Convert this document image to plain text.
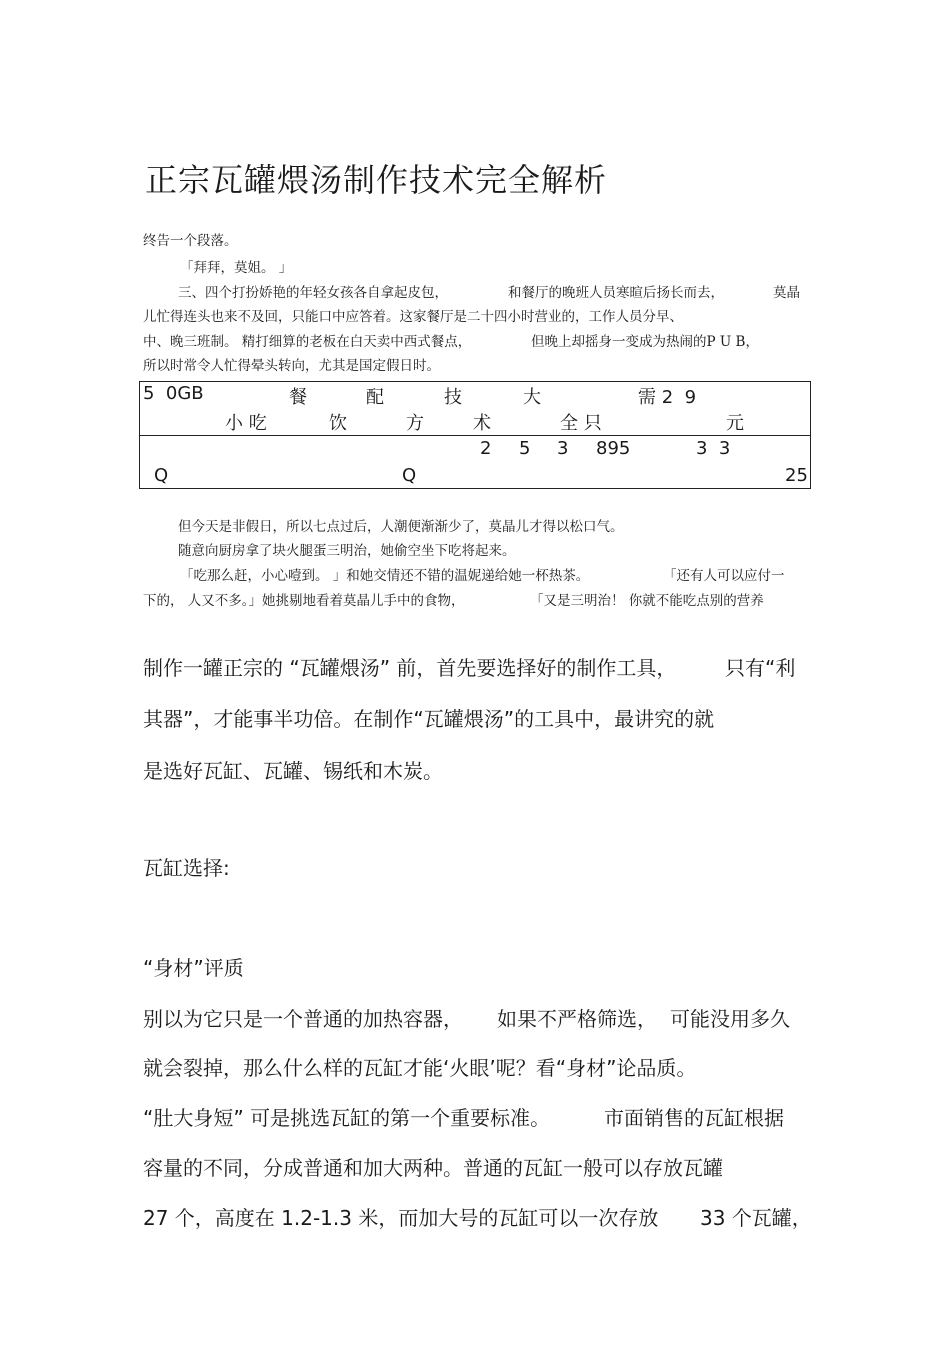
正宗瓦罐煨汤制作技术完全解析
终告一个段落。
「拜拜，莫姐。 」
三、四个打扮娇艳的年轻女孩各自拿起皮包，	和餐厅的晚班人员寒暄后扬长而去，	莫晶
儿忙得连头也来不及回，只能口中应答着。这家餐厅是二十四小时营业的，工作人员分早、
中、晚三班制。 精打细算的老板在白天卖中西式餐点，	但晚上却摇身一变成为热闹的P U B，
所以时常令人忙得晕头转向，尤其是国定假日时。
5  0GB	餐	配	技	大	需 2  9
小 吃	饮	方	术	全 只	元
2 5 3 895	3  3
Q	Q	25
但今天是非假日，所以七点过后，人潮便渐渐少了，莫晶儿才得以松口气。
随意向厨房拿了块火腿蛋三明治，她偷空坐下吃将起来。
「吃那么赶，小心噎到。 」和她交情还不错的温妮递给她一杯热茶。	「还有人可以应付一
下的， 人又不多。」她挑剔地看着莫晶儿手中的食物，	「又是三明治！ 你就不能吃点别的营养
制作一罐正宗的 “瓦罐煨汤” 前，首先要选择好的制作工具， 只有“利
其器”，才能事半功倍。在制作“瓦罐煨汤”的工具中，最讲究的就
是选好瓦缸、瓦罐、锡纸和木炭。
瓦缸选择:
“身材”评质
别以为它只是一个普通的加热容器， 如果不严格筛选， 可能没用多久
就会裂掉，那么什么样的瓦缸才能‘火眼’呢？看“身材”论品质。
“肚大身短” 可是挑选瓦缸的第一个重要标准。	市面销售的瓦缸根据
容量的不同，分成普通和加大两种。普通的瓦缸一般可以存放瓦罐
27 个，高度在 1.2-1.3 米，而加大号的瓦缸可以一次存放 33 个瓦罐，
